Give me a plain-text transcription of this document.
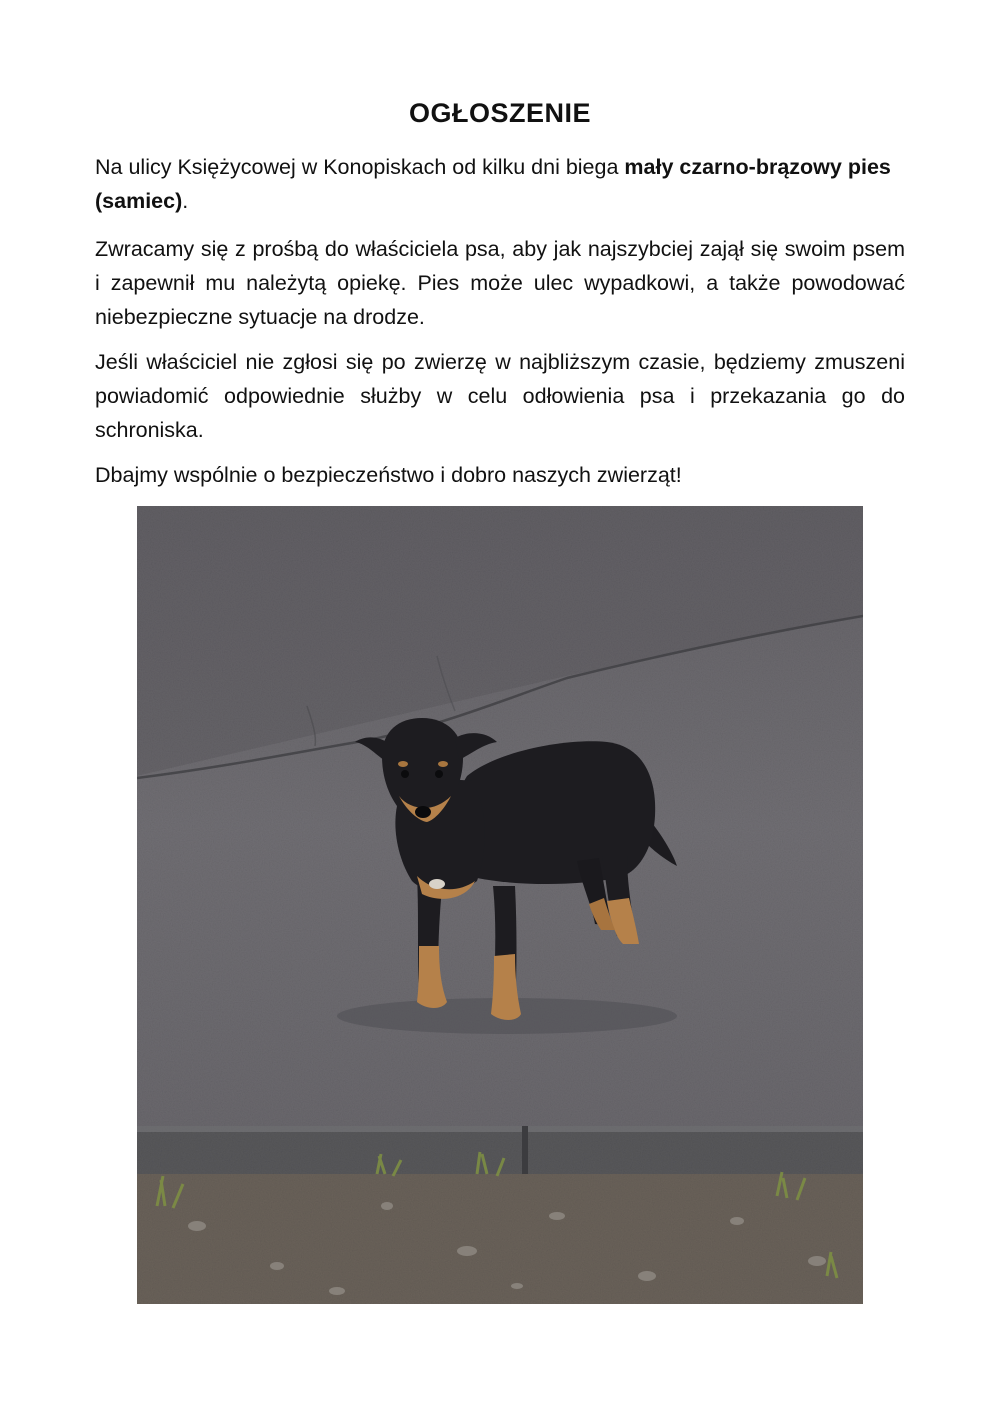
OGŁOSZENIE

Na ulicy Księżycowej w Konopiskach od kilku dni biega mały czarno-brązowy pies (samiec).

Zwracamy się z prośbą do właściciela psa, aby jak najszybciej zajął się swoim psem i zapewnił mu należytą opiekę. Pies może ulec wypadkowi, a także powodować niebezpieczne sytuacje na drodze.

Jeśli właściciel nie zgłosi się po zwierzę w najbliższym czasie, będziemy zmuszeni powiadomić odpowiednie służby w celu odłowienia psa i przekazania go do schroniska.

Dbajmy wspólnie o bezpieczeństwo i dobro naszych zwierząt!
